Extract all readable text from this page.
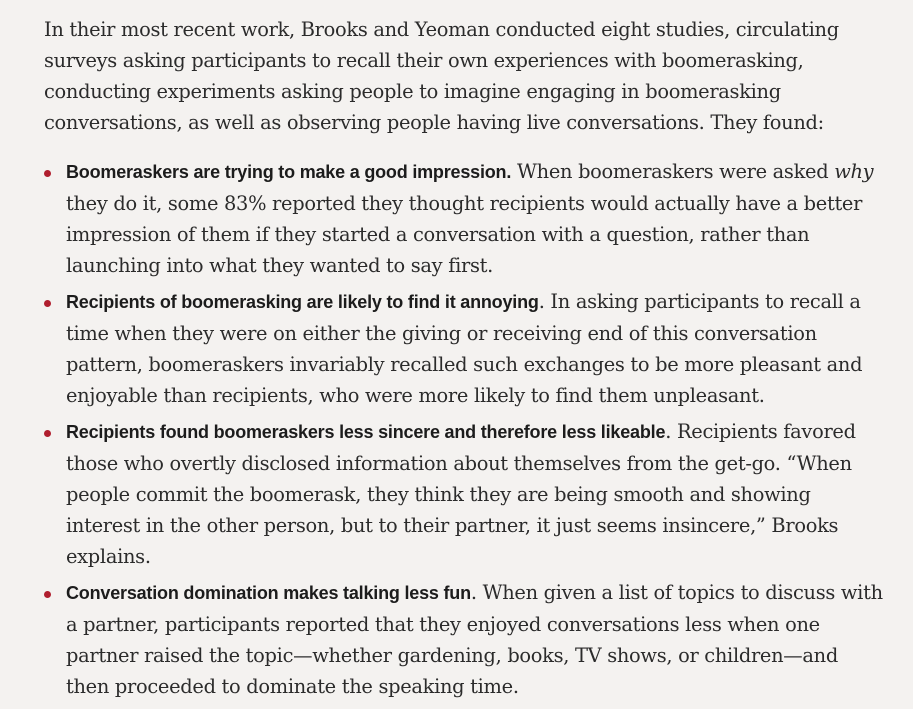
In their most recent work, Brooks and Yeoman conducted eight studies, circulating surveys asking participants to recall their own experiences with boomerasking, conducting experiments asking people to imagine engaging in boomerasking conversations, as well as observing people having live conversations. They found:

Boomeraskers are trying to make a good impression. When boomeraskers were asked why they do it, some 83% reported they thought recipients would actually have a better impression of them if they started a conversation with a question, rather than launching into what they wanted to say first.
Recipients of boomerasking are likely to find it annoying. In asking participants to recall a time when they were on either the giving or receiving end of this conversation pattern, boomeraskers invariably recalled such exchanges to be more pleasant and enjoyable than recipients, who were more likely to find them unpleasant.
Recipients found boomeraskers less sincere and therefore less likeable. Recipients favored those who overtly disclosed information about themselves from the get-go. “When people commit the boomerask, they think they are being smooth and showing interest in the other person, but to their partner, it just seems insincere,” Brooks explains.
Conversation domination makes talking less fun. When given a list of topics to discuss with a partner, participants reported that they enjoyed conversations less when one partner raised the topic—whether gardening, books, TV shows, or children—and then proceeded to dominate the speaking time.
